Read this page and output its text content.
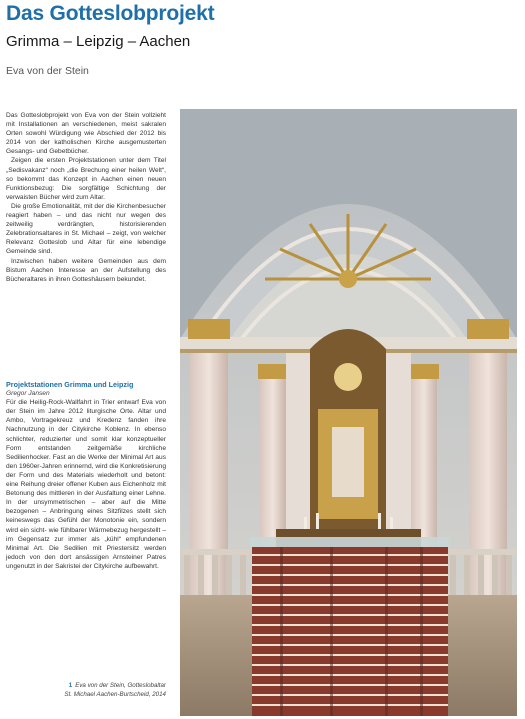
Das Gotteslobprojekt
Grimma – Leipzig – Aachen

Eva von der Stein

Das Gotteslobprojekt von Eva von der Stein vollzieht mit Installationen an verschiedenen, meist sakralen Orten sowohl Würdigung wie Abschied der 2012 bis 2014 von der katholischen Kirche ausgemusterten Gesangs- und Gebetbücher.

Zeigen die ersten Projektstationen unter dem Titel „Sedisvakanz“ noch „die Brechung einer heilen Welt“, so bekommt das Konzept in Aachen einen neuen Funktionsbezug: Die sorgfältige Schichtung der verwaisten Bücher wird zum Altar.

Die große Emotionalität, mit der die Kirchenbesucher reagiert haben – und das nicht nur wegen des zeitweilig verdrängten, historisierenden Zelebrationsaltares in St. Michael – zeigt, von welcher Relevanz Gotteslob und Altar für eine lebendige Gemeinde sind.

Inzwischen haben weitere Gemeinden aus dem Bistum Aachen Interesse an der Aufstellung des Bücheraltares in ihren Gotteshäusern bekundet.

Projektstationen Grimma und Leipzig

Gregor Jansen

Für die Heilig-Rock-Wallfahrt in Trier entwarf Eva von der Stein im Jahre 2012 liturgische Orte. Altar und Ambo, Vortragekreuz und Kredenz fanden ihre Nachnutzung in der Citykirche Koblenz. In ebenso schlichter, reduzierter und somit klar konzeptueller Form entstanden zeitgemäße kirchliche Sedilienhocker. Fast an die Werke der Minimal Art aus den 1960er-Jahren erinnernd, wird die Konkretisierung der Form und des Materials wiederholt und betont: eine Reihung dreier offener Kuben aus Eichenholz mit Betonung des mittleren in der Ausfaltung einer Lehne. In der unsymmetrischen – aber auf die Mitte bezogenen – Anbringung eines Sitzfilzes stellt sich keineswegs das Gefühl der Monotonie ein, sondern wird ein sicht- wie fühlbarer Wärmebezug hergestellt – im Gegensatz zur immer als „kühl“ empfundenen Minimal Art. Die Sedilien mit Priestersitz werden jedoch von den dort ansässigen Arnsteiner Patres ungenutzt in der Sakristei der Citykirche aufbewahrt.

1 Eva von der Stein, Gotteslobaltar
St. Michael Aachen-Burtscheid, 2014
